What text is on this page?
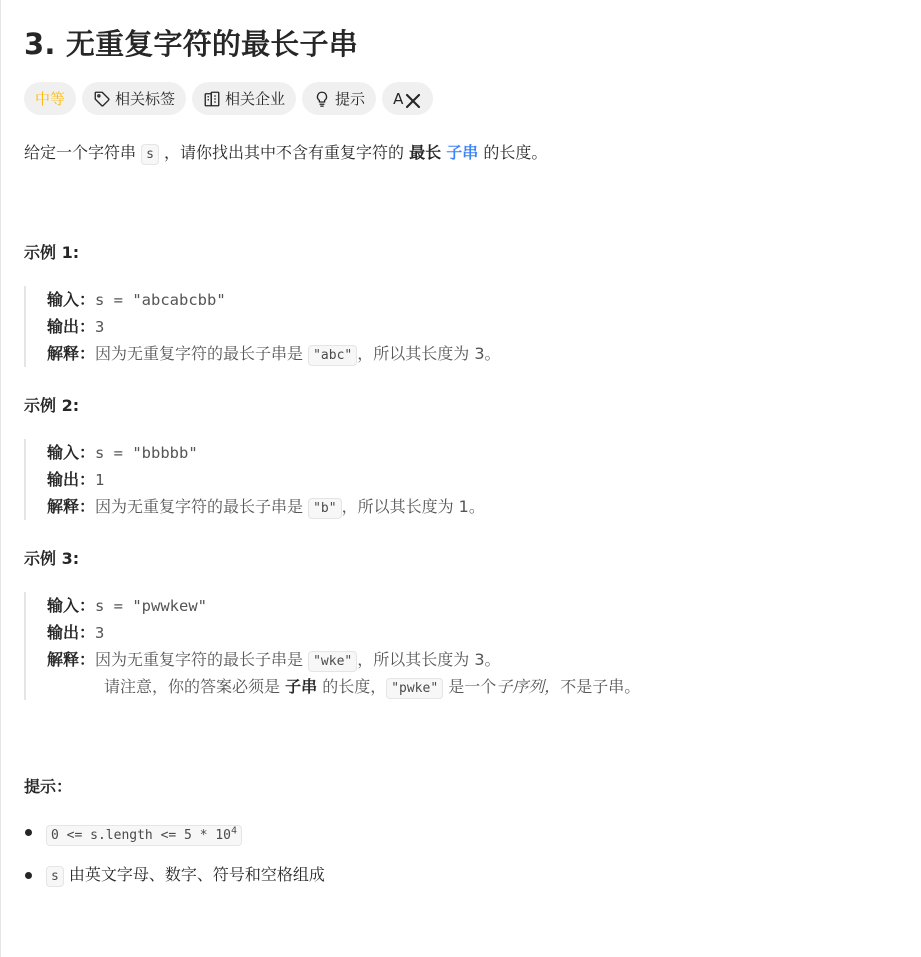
3. 无重复字符的最长子串
中等	相关标签	相关企业	提示 A
给定一个字符串 s ，请你找出其中不含有重复字符的 最长 子串 的长度。
示例 1:
输入：s = "abcabcbb"
输出：3
解释：因为无重复字符的最长子串是 "abc" ，所以其长度为 3。
示例 2:
输入：s = "bbbbb"
输出：1
解释：因为无重复字符的最长子串是 "b" ，所以其长度为 1。
示例 3:
输入：s = "pwwkew"
输出：3
解释：因为无重复字符的最长子串是 "wke" ，所以其长度为 3。
请注意，你的答案必须是 子串 的长度， "pwke" 是一个子序列，不是子串。
提示：
0 <= s.length <= $5 * 10^4$
s 由英文字母、数字、符号和空格组成
